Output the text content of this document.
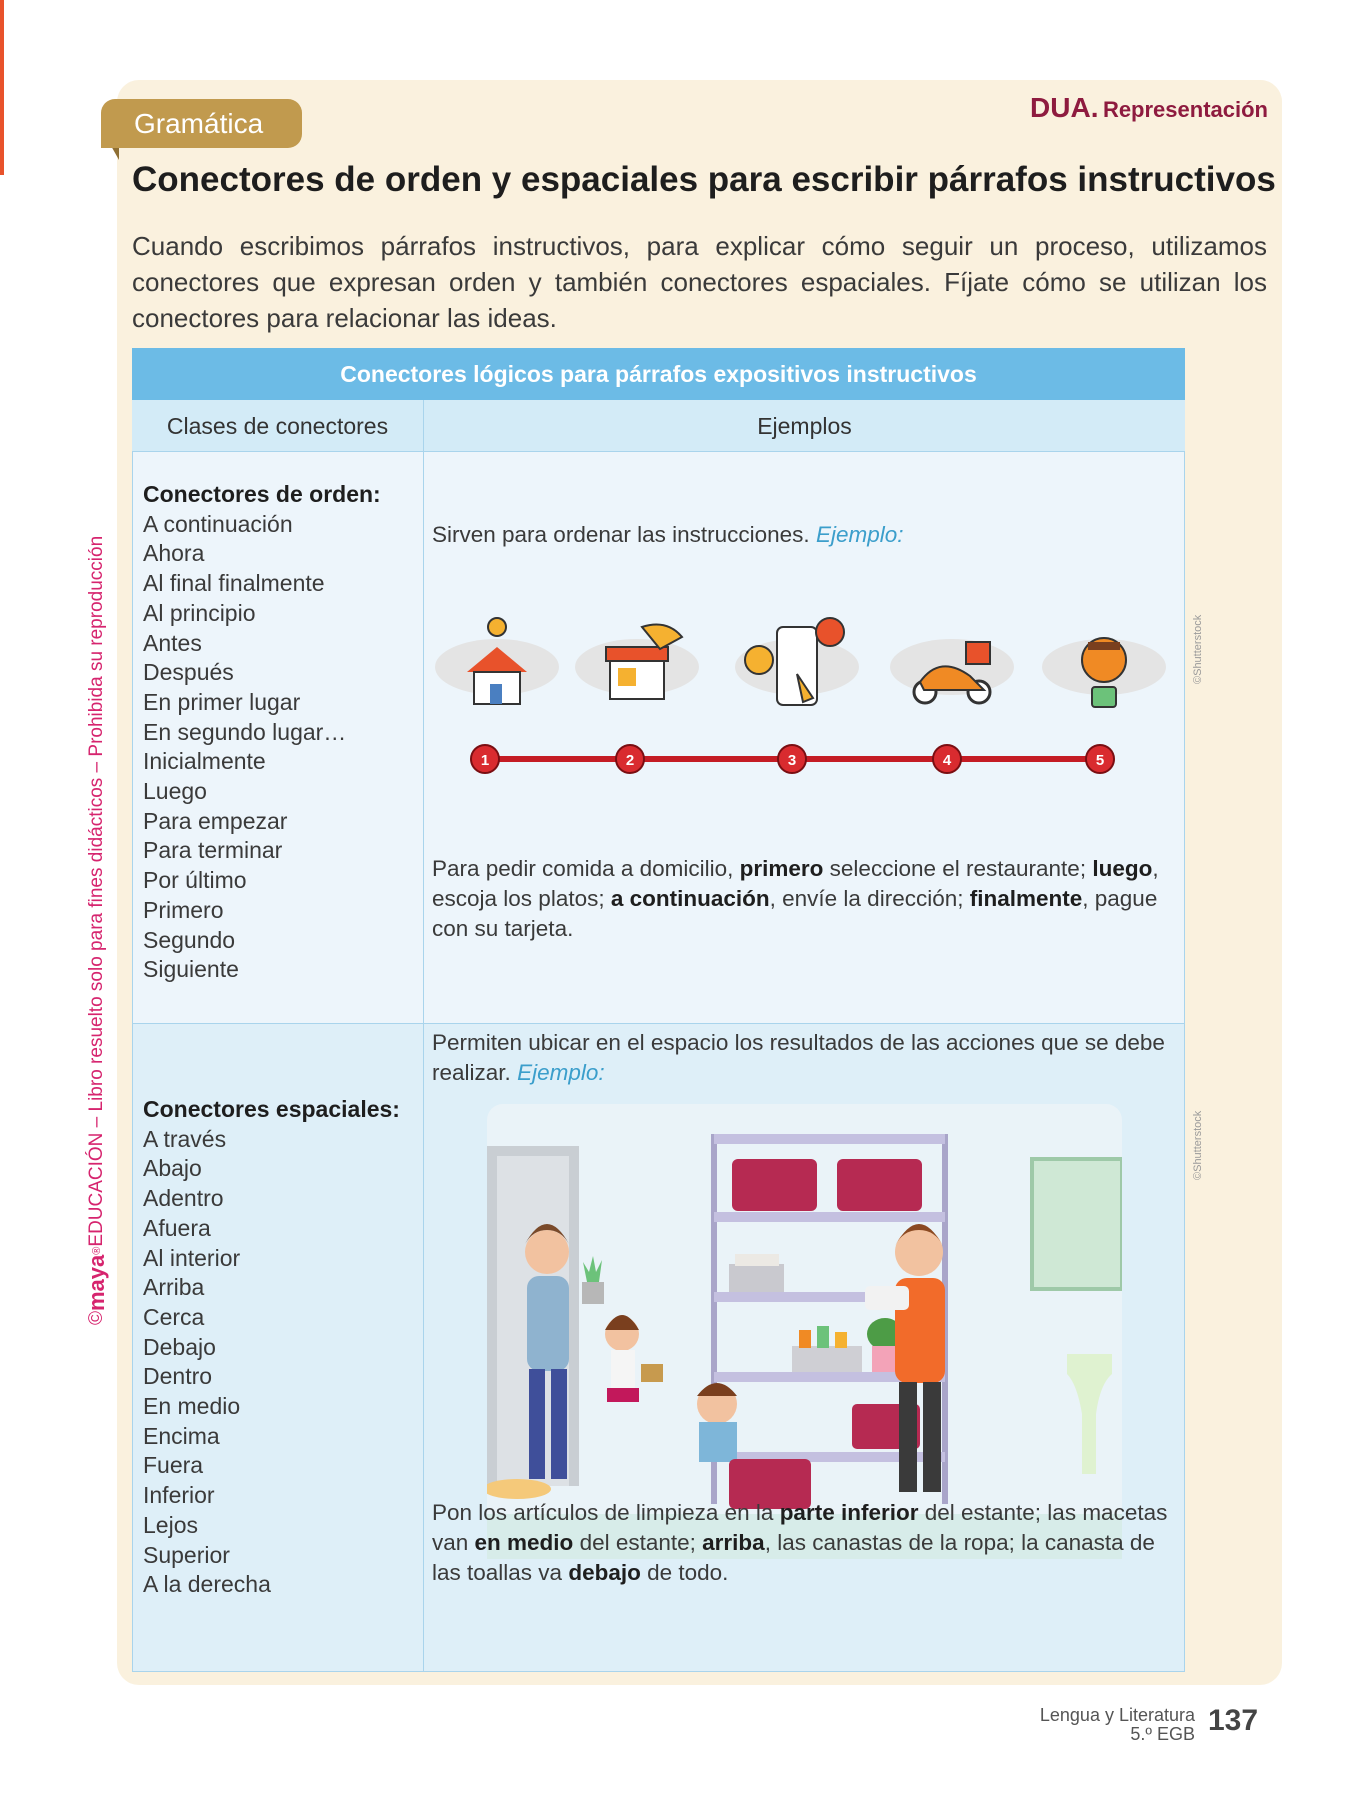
©
maya
®
EDUCACIÓN – Libro resuelto solo para fines didácticos – Prohibida su reproducción
DUA. Representación
Gramática
Conectores de orden y espaciales para escribir párrafos instructivos

Cuando escribimos párrafos instructivos, para explicar cómo seguir un proceso, utilizamos conectores que expresan orden y también conectores espaciales. Fíjate cómo se utilizan los conectores para relacionar las ideas.

Conectores lógicos para párrafos expositivos instructivos
Clases de conectores	Ejemplos
Conectores de orden:
A continuación
Ahora
Al final finalmente
Al principio
Antes
Después
En primer lugar
En segundo lugar…
Inicialmente
Luego
Para empezar
Para terminar
Por último
Primero
Segundo
Siguiente

Sirven para ordenar las instrucciones. Ejemplo:

1	2	3	4	5

Para pedir comida a domicilio, primero seleccione el restaurante; luego, escoja los platos; a continuación, envíe la dirección; finalmente, pague con su tarjeta.

Conectores espaciales:
A través
Abajo
Adentro
Afuera
Al interior
Arriba
Cerca
Debajo
Dentro
En medio
Encima
Fuera
Inferior
Lejos
Superior
A la derecha

Permiten ubicar en el espacio los resultados de las acciones que se debe realizar. Ejemplo:

Pon los artículos de limpieza en la parte inferior del estante; las macetas van en medio del estante; arriba, las canastas de la ropa; la canasta de las toallas va debajo de todo.

©Shutterstock
©Shutterstock
Lengua y Literatura
5.º EGB 137
